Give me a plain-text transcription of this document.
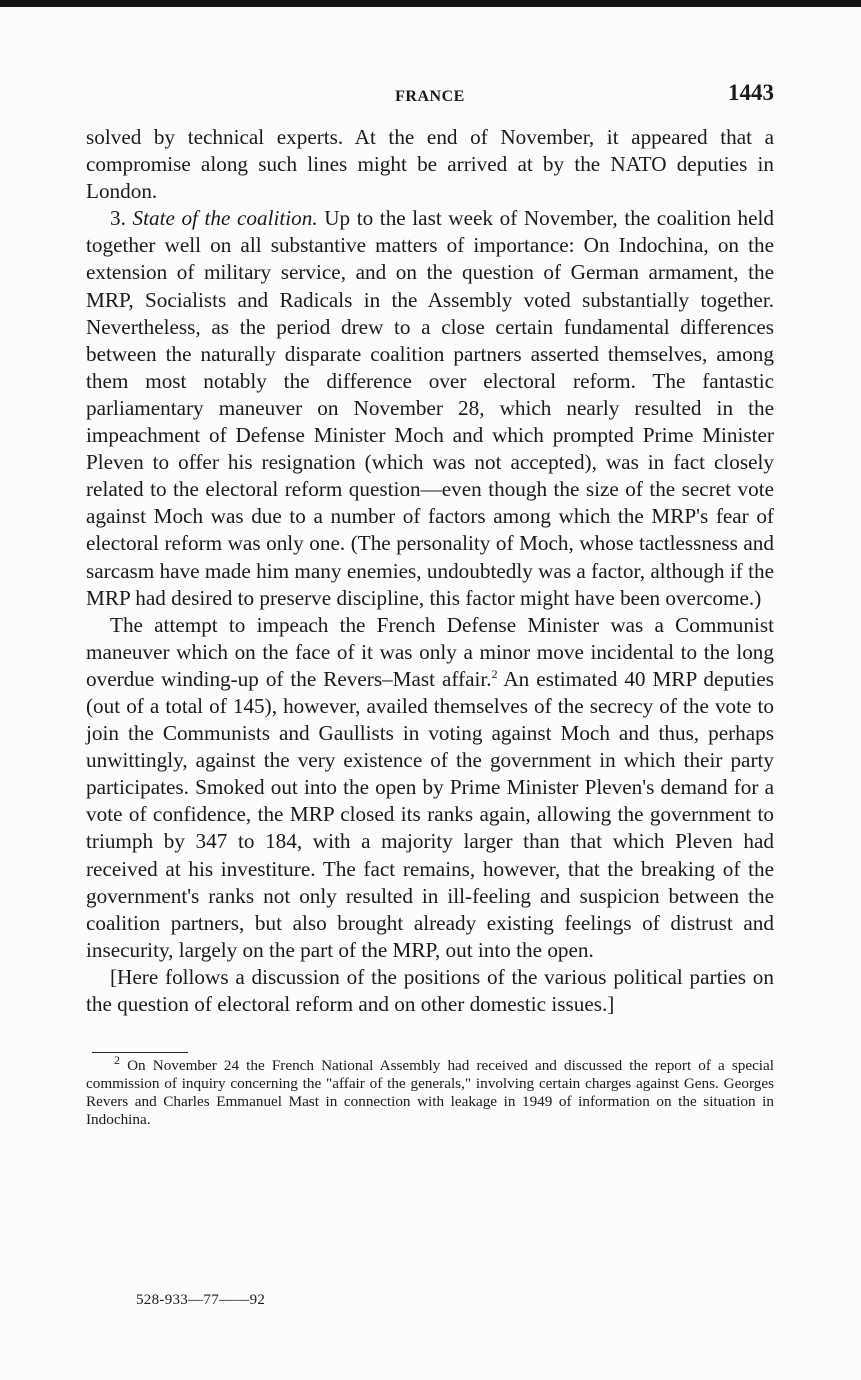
FRANCE	1443

solved by technical experts. At the end of November, it appeared that a compromise along such lines might be arrived at by the NATO deputies in London.

3. State of the coalition. Up to the last week of November, the coalition held together well on all substantive matters of importance: On Indochina, on the extension of military service, and on the question of German armament, the MRP, Socialists and Radicals in the Assembly voted substantially together. Nevertheless, as the period drew to a close certain fundamental differences between the naturally disparate coalition partners asserted themselves, among them most notably the difference over electoral reform. The fantastic parliamentary maneuver on November 28, which nearly resulted in the impeachment of Defense Minister Moch and which prompted Prime Minister Pleven to offer his resignation (which was not accepted), was in fact closely related to the electoral reform question—even though the size of the secret vote against Moch was due to a number of factors among which the MRP's fear of electoral reform was only one. (The personality of Moch, whose tactlessness and sarcasm have made him many enemies, undoubtedly was a factor, although if the MRP had desired to preserve discipline, this factor might have been overcome.)

The attempt to impeach the French Defense Minister was a Communist maneuver which on the face of it was only a minor move incidental to the long overdue winding-up of the Revers–Mast affair.$^2$ An estimated 40 MRP deputies (out of a total of 145), however, availed themselves of the secrecy of the vote to join the Communists and Gaullists in voting against Moch and thus, perhaps unwittingly, against the very existence of the government in which their party participates. Smoked out into the open by Prime Minister Pleven's demand for a vote of confidence, the MRP closed its ranks again, allowing the government to triumph by 347 to 184, with a majority larger than that which Pleven had received at his investiture. The fact remains, however, that the breaking of the government's ranks not only resulted in ill-feeling and suspicion between the coalition partners, but also brought already existing feelings of distrust and insecurity, largely on the part of the MRP, out into the open.

[Here follows a discussion of the positions of the various political parties on the question of electoral reform and on other domestic issues.]

$^2$ On November 24 the French National Assembly had received and discussed the report of a special commission of inquiry concerning the "affair of the generals," involving certain charges against Gens. Georges Revers and Charles Emmanuel Mast in connection with leakage in 1949 of information on the situation in Indochina.

528-933—77——92
